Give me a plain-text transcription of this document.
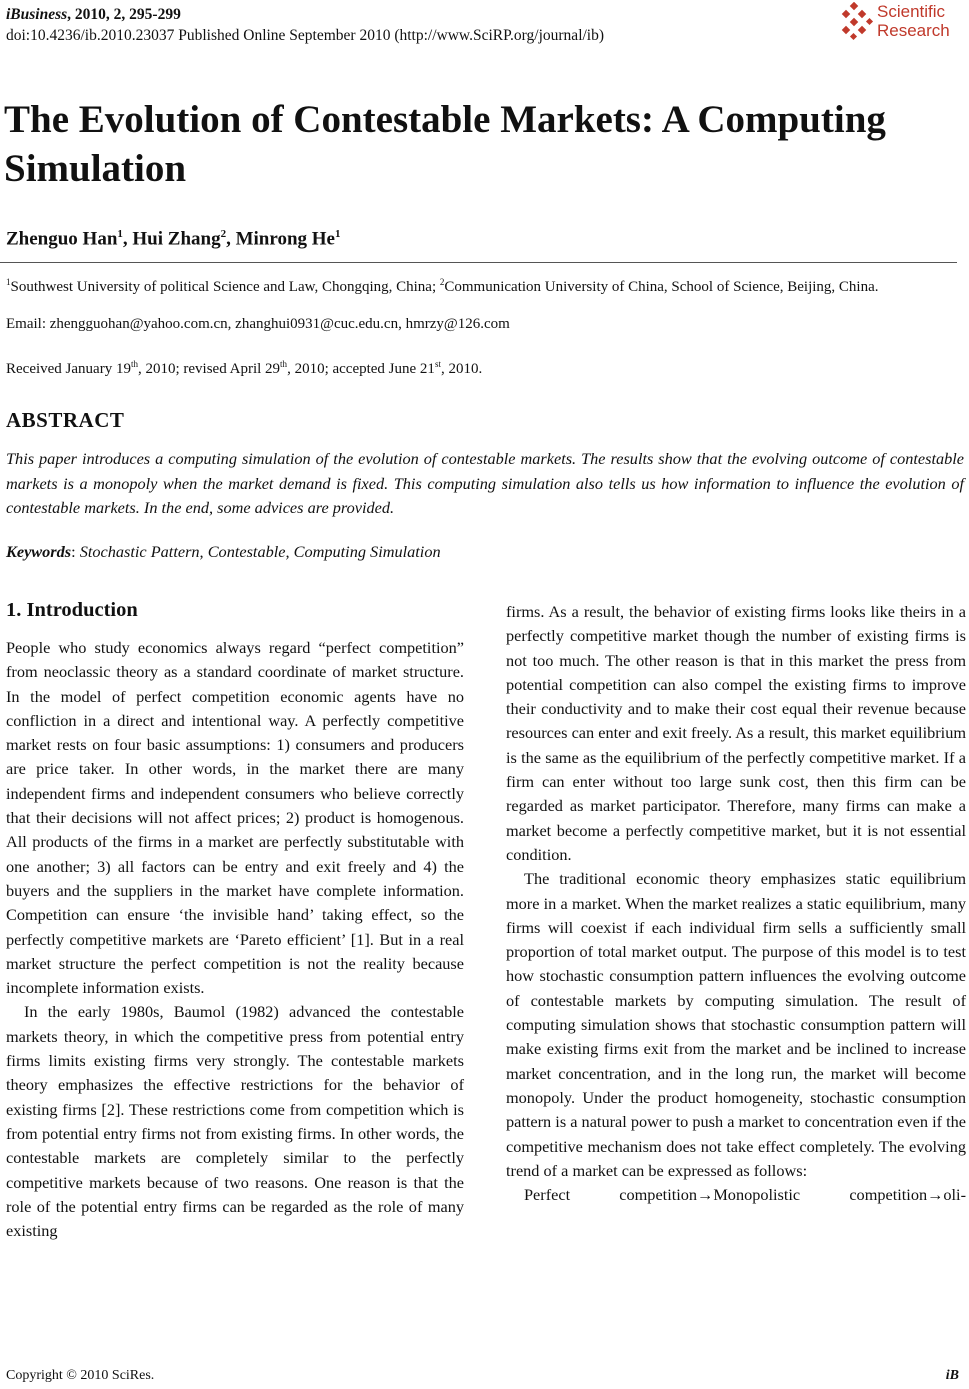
iBusiness, 2010, 2, 295-299
doi:10.4236/ib.2010.23037 Published Online September 2010 (http://www.SciRP.org/journal/ib)
Scientific
Research
The Evolution of Contestable Markets: A Computing Simulation
Zhenguo Han$^1$, Hui Zhang$^2$, Minrong He$^1$
$^1$Southwest University of political Science and Law, Chongqing, China; $^2$Communication University of China, School of Science, Beijing, China.
Email: zhengguohan@yahoo.com.cn, zhanghui0931@cuc.edu.cn, hmrzy@126.com
Received January 19th, 2010; revised April 29th, 2010; accepted June 21st, 2010.
ABSTRACT

This paper introduces a computing simulation of the evolution of contestable markets. The results show that the evolving outcome of contestable markets is a monopoly when the market demand is fixed. This computing simulation also tells us how information to influence the evolution of contestable markets. In the end, some advices are provided.

Keywords: Stochastic Pattern, Contestable, Computing Simulation
1. Introduction

People who study economics always regard “perfect competition” from neoclassic theory as a standard coordinate of market structure. In the model of perfect competition economic agents have no confliction in a direct and intentional way. A perfectly competitive market rests on four basic assumptions: 1) consumers and producers are price taker. In other words, in the market there are many independent firms and independent consumers who believe correctly that their decisions will not affect prices; 2) product is homogenous. All products of the firms in a market are perfectly substitutable with one another; 3) all factors can be entry and exit freely and 4) the buyers and the suppliers in the market have complete information. Competition can ensure ‘the invisible hand’ taking effect, so the perfectly competitive markets are ‘Pareto efficient’ [1]. But in a real market structure the perfect competition is not the reality because incomplete information exists.

In the early 1980s, Baumol (1982) advanced the contestable markets theory, in which the competitive press from potential entry firms limits existing firms very strongly. The contestable markets theory emphasizes the effective restrictions for the behavior of existing firms [2]. These restrictions come from competition which is from potential entry firms not from existing firms. In other words, the contestable markets are completely similar to the perfectly competitive markets because of two reasons. One reason is that the role of the potential entry firms can be regarded as the role of many existing

firms. As a result, the behavior of existing firms looks like theirs in a perfectly competitive market though the number of existing firms is not too much. The other reason is that in this market the press from potential competition can also compel the existing firms to improve their conductivity and to make their cost equal their revenue because resources can enter and exit freely. As a result, this market equilibrium is the same as the equilibrium of the perfectly competitive market. If a firm can enter without too large sunk cost, then this firm can be regarded as market participator. Therefore, many firms can make a market become a perfectly competitive market, but it is not essential condition.

The traditional economic theory emphasizes static equilibrium more in a market. When the market realizes a static equilibrium, many firms will coexist if each individual firm sells a sufficiently small proportion of total market output. The purpose of this model is to test how stochastic consumption pattern influences the evolving outcome of contestable markets by computing simulation. The result of computing simulation shows that stochastic consumption pattern will make existing firms exit from the market and be inclined to increase market concentration, and in the long run, the market will become monopoly. Under the product homogeneity, stochastic consumption pattern is a natural power to push a market to concentration even if the competitive mechanism does not take effect completely. The evolving trend of a market can be expressed as follows:

Perfect competition→Monopolistic competition→oli-

Copyright © 2010 SciRes.	iB
